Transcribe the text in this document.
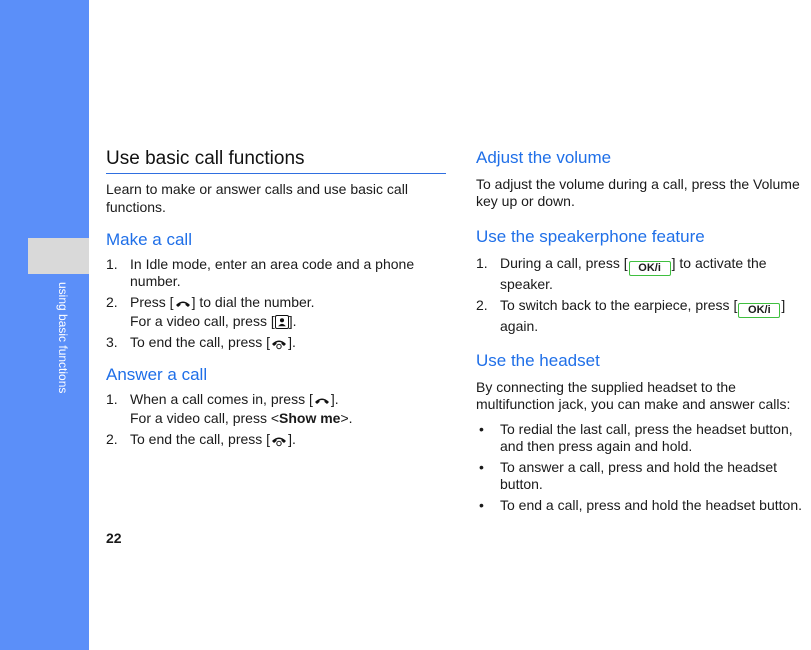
using basic functions
22
Use basic call functions

Learn to make or answer calls and use basic call functions.

Make a call
1. In Idle mode, enter an area code and a phone number.
2. Press [ ] to dial the number.
For a video call, press [ ].
3. To end the call, press [ ].
Answer a call
1. When a call comes in, press [ ].
For a video call, press <Show me>.
2. To end the call, press [ ].
Adjust the volume

To adjust the volume during a call, press the Volume key up or down.

Use the speakerphone feature
1. During a call, press [ OK/i ] to activate the speaker.
2. To switch back to the earpiece, press [ OK/i ] again.
Use the headset

By connecting the supplied headset to the multifunction jack, you can make and answer calls:

• To redial the last call, press the headset button, and then press again and hold.
• To answer a call, press and hold the headset button.
• To end a call, press and hold the headset button.
